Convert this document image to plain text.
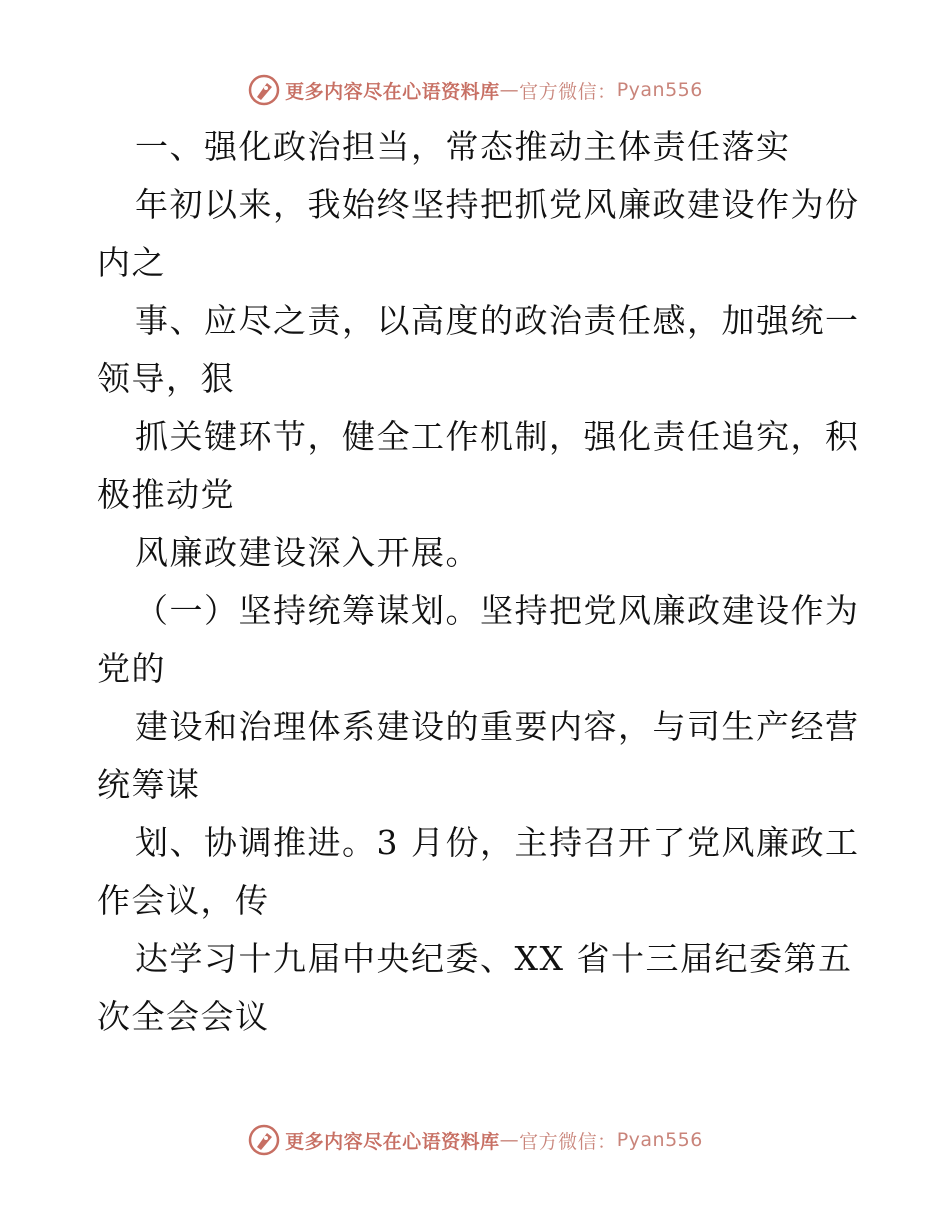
更多内容尽在心语资料库 — 官方微信： Pyan556
一、强化政治担当，常态推动主体责任落实
年初以来，我始终坚持把抓党风廉政建设作为份
内之
事、应尽之责，以高度的政治责任感，加强统一
领导，狠
抓关键环节，健全工作机制，强化责任追究，积
极推动党
风廉政建设深入开展。
（一）坚持统筹谋划。坚持把党风廉政建设作为
党的
建设和治理体系建设的重要内容，与司生产经营
统筹谋
划、协调推进。3 月份，主持召开了党风廉政工
作会议，传
达学习十九届中央纪委、XX 省十三届纪委第五
次全会会议
更多内容尽在心语资料库 — 官方微信： Pyan556
